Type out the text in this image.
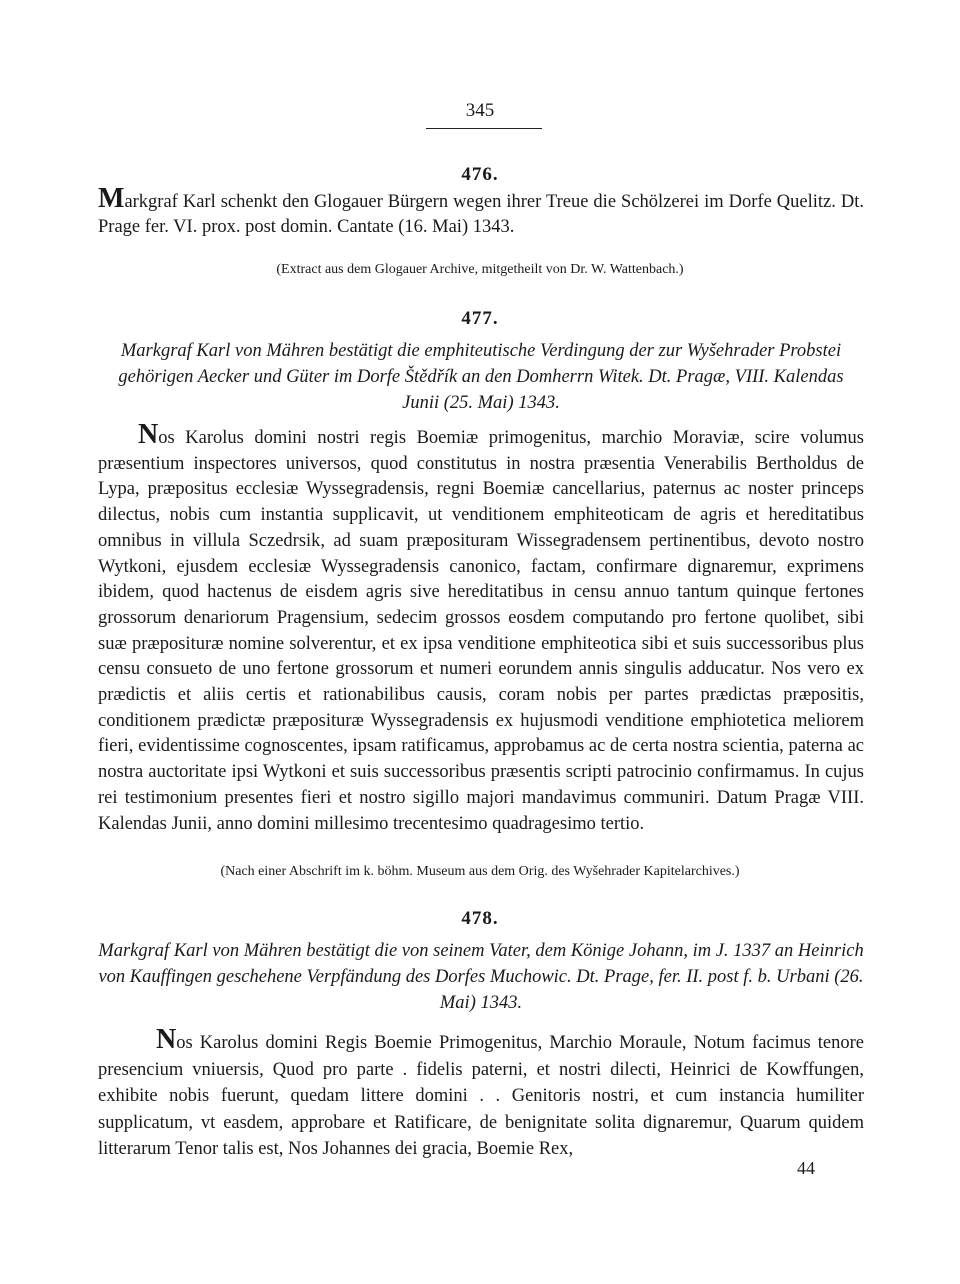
345
476.
Markgraf Karl schenkt den Glogauer Bürgern wegen ihrer Treue die Schölzerei im Dorfe Quelitz. Dt. Prage fer. VI. prox. post domin. Cantate (16. Mai) 1343.
(Extract aus dem Glogauer Archive, mitgetheilt von Dr. W. Wattenbach.)
477.
Markgraf Karl von Mähren bestätigt die emphiteutische Verdingung der zur Wyšehrader Probstei gehörigen Aecker und Güter im Dorfe Štědřík an den Domherrn Witek. Dt. Pragæ, VIII. Kalendas Junii (25. Mai) 1343.
Nos Karolus domini nostri regis Boemiæ primogenitus, marchio Moraviæ, scire volumus præsentium inspectores universos, quod constitutus in nostra præsentia Venerabilis Bertholdus de Lypa, præpositus ecclesiæ Wyssegradensis, regni Boemiæ cancellarius, paternus ac noster princeps dilectus, nobis cum instantia supplicavit, ut venditionem emphiteoticam de agris et hereditatibus omnibus in villula Sczedrsik, ad suam præposituram Wissegradensem pertinentibus, devoto nostro Wytkoni, ejusdem ecclesiæ Wyssegradensis canonico, factam, confirmare dignaremur, exprimens ibidem, quod hactenus de eisdem agris sive hereditatibus in censu annuo tantum quinque fertones grossorum denariorum Pragensium, sedecim grossos eosdem computando pro fertone quolibet, sibi suæ præposituræ nomine solverentur, et ex ipsa venditione emphiteotica sibi et suis successoribus plus censu consueto de uno fertone grossorum et numeri eorundem annis singulis adducatur. Nos vero ex prædictis et aliis certis et rationabilibus causis, coram nobis per partes prædictas præpositis, conditionem prædictæ præposituræ Wyssegradensis ex hujusmodi venditione emphiotetica meliorem fieri, evidentissime cognoscentes, ipsam ratificamus, approbamus ac de certa nostra scientia, paterna ac nostra auctoritate ipsi Wytkoni et suis successoribus præsentis scripti patrocinio confirmamus. In cujus rei testimonium presentes fieri et nostro sigillo majori mandavimus communiri. Datum Pragæ VIII. Kalendas Junii, anno domini millesimo trecentesimo quadragesimo tertio.
(Nach einer Abschrift im k. böhm. Museum aus dem Orig. des Wyšehrader Kapitelarchives.)
478.
Markgraf Karl von Mähren bestätigt die von seinem Vater, dem Könige Johann, im J. 1337 an Heinrich von Kauffingen geschehene Verpfändung des Dorfes Muchowic. Dt. Prage, fer. II. post f. b. Urbani (26. Mai) 1343.
Nos Karolus domini Regis Boemie Primogenitus, Marchio Moraule, Notum facimus tenore presencium vniuersis, Quod pro parte . fidelis paterni, et nostri dilecti, Heinrici de Kowffungen, exhibite nobis fuerunt, quedam littere domini . . Genitoris nostri, et cum instancia humiliter supplicatum, vt easdem, approbare et Ratificare, de benignitate solita dignaremur, Quarum quidem litterarum Tenor talis est, Nos Johannes dei gracia, Boemie Rex,
44
